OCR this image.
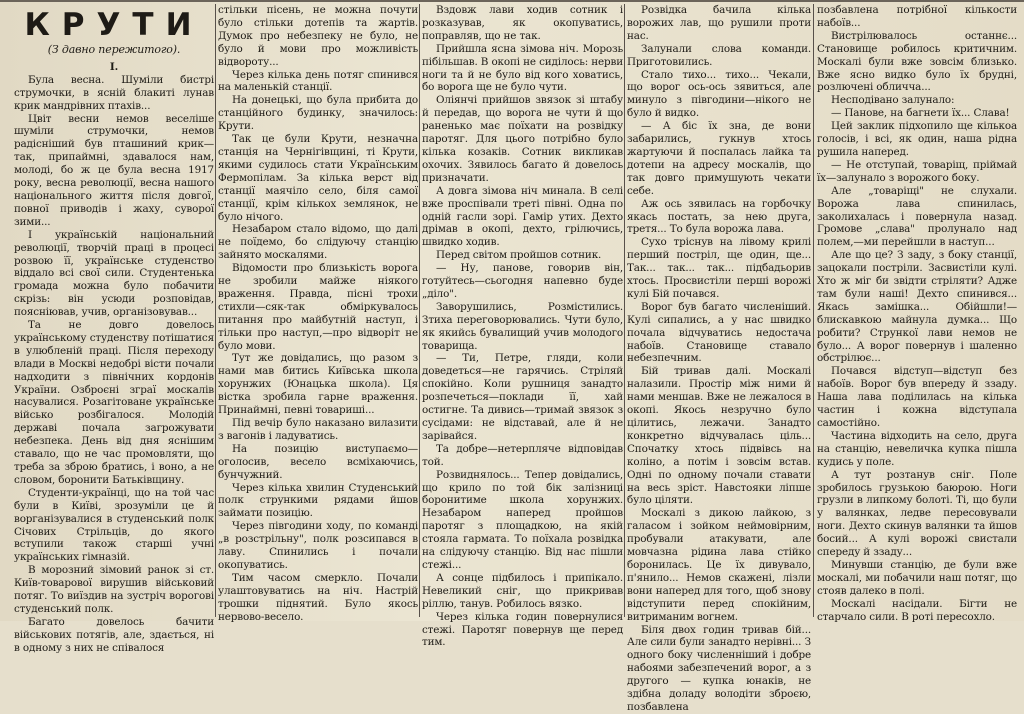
КРУТИ
(З давно пережитого).
I.

Була весна. Шуміли бистрі струмочки, в ясній блакиті лунав крик мандрівних птахів...

Цвіт весни немов веселіше шуміли струмочки, немов радісніший був пташиний крик—так, припаймні, здавалося нам, молоді, бо ж це була весна 1917 року, весна революції, весна нашого національного життя після довгої, повної приводів і жаху, суворої зими...

І українській національний революції, творчій праці в процесі розвою її, українське студенство віддало всі свої сили. Студентенька громада можна було побачити скрізь: він усюди розповідав, поясніював, учив, організовував...

Та не довго довелось українському студенству потішатися в улюбленій праці. Після переходу влади в Москві недобрі вісти почали надходити з північних кордонів України. Озброєні зграї москалів насувалися. Розагітоване українське військо розбігалося. Молодій державі почала загрожувати небезпека. День від дня яснішим ставало, що не час промовляти, що треба за зброю братись, і воно, а не словом, боронити Батьківщину.

Студенти-українці, що на той час були в Київі, зрозуміли це й ворганізувалися в студенський полк Січових Стрільців, до якого вступили також старші учні українських гімназій.

В морозний зімовий ранок зі ст. Київ-товарової вирушив військовий потяг. То виїздив на зустріч ворогові студенський полк.

Багато довелось бачити військових потягів, але, здається, ні в одному з них не співалося

стільки пісень, не можна почути було стільки дотепів та жартів. Думок про небезпеку не було, не було й мови про можливість відвороту...

Через кілька день потяг спинився на маленькій станції.

На донецькі, що була прибита до станційного будинку, значилось: Крути.

Так це були Крути, незначна станція на Чернігівщині, ті Крути, якими судилось стати Українським Фермопілам. За кілька верст від станції маячіло село, біля самої станції, крім кількох землянок, не було нічого.

Незабаром стало відомо, що далі не поїдемо, бо слідуючу станцію зайнято москалями.

Відомости про близькість ворога не зробили майже ніякого враження. Правда, пісні трохи стихли—сяк-так обміркувалось питання про майбутній наступ, і тільки про наступ,—про відворіт не було мови.

Тут же довідались, що разом з нами мав битись Київська школа хорунжих (Юнацька школа). Ця вістка зробила гарне враження. Принаймні, певні товариші...

Під вечір було наказано вилазити з вагонів і ладуватись.

На позицію виступаємо—оголосив, весело всміхаючись, бунчужний.

Через кілька хвилин Студенський полк стрункими рядами йшов займати позицію.

Через півгодини ходу, по команді „в розстрільну", полк розсипався в лаву. Спинились і почали окопуватись.

Тим часом смеркло. Почали улаштовуватись на ніч. Настрій трошки піднятий. Було якось нервово-весело.

Вздовж лави ходив сотник і розказував, як окопуватись, поправляв, що не так.

Прийшла ясна зімова ніч. Морозь пібільшав. В окопі не сиділось: нерви ноги та й не було від кого ховатись, бо ворога ще не було чути.

Оліянчі прийшов звязок зі штабу й передав, що ворога не чути й що раненько має поїхати на розвідку паротяг. Для цього потрібно було кілька козаків. Сотник викликав охочих. Зявилось багато й довелось призначати.

А довга зімова ніч минала. В селі вже проспівали треті півні. Одна по одній гасли зорі. Гамір утих. Дехто дрімав в окопі, дехто, грілючись, швидко ходив.

Перед світом пройшов сотник.

— Ну, панове, говорив він, готуйтесь—сьогодня напевно буде „діло".

Заворушились, Розмістились. Зтиха переговорювались. Чути було, як якийсь бувалищий учив молодого товарища.

— Ти, Петре, гляди, коли доведеться—не гарячись. Стріляй спокійно. Коли рушниця занадто розпечеться—поклади її, хай остигне. Та дивись—тримай звязок з сусідами: не відставай, але й не зарівайся.

Та добре—нетерпляче відповідав той.

Розвиднялось... Тепер довідались, що крило по той бік залізниці боронитиме школа хорунжих. Незабаром наперед пройшов паротяг з площадкою, на якій стояла гармата. То поїхала розвідка на слідуючу станцію. Від нас пішли стежі...

А сонце підбилось і припікало. Невеликий сніг, що прикривав ріллю, танув. Робилось вязко.

Через кілька годин повернулися стежі. Паротяг повернув ще перед тим.

Розвідка бачила кілька ворожих лав, що рушили проти нас.

Залунали слова команди. Приготовились.

Стало тихо... тихо... Чекали, що ворог ось-ось зявиться, але минуло з півгодини—нікого не було й видко.

— А біс їх зна, де вони забарились, гукнув хтось жартуючи й поспалась лайка та дотепи на адресу москалів, що так довго примушують чекати себе.

Аж ось зявилась на горбочку якась постать, за нею друга, третя... То була ворожа лава.

Сухо тріснув на лівому крилі перший постріл, ще один, ще... Так... так... так... підбадьорив хтось. Просвистіли перші ворожі кулі Бій почався.

Ворог був багато численіший. Кулі сипались, а у нас швидко почала відчуватись недостача набоїв. Становище ставало небезпечним.

Бій тривав далі. Москалі налазили. Простір між ними й нами меншав. Вже не лежалося в окопі. Якось незручно було цілитись, лежачи. Занадто конкретно відчувалась ціль... Спочатку хтось підвівсь на коліно, а потім і зовсім встав. Одні по одному почали ставати на весь зріст. Навстояки ліпше було ціляти.

Москалі з дикою лайкою, з галасом і зойком неймовірним, пробували атакувати, але мовчазна рідина лава стійко боронилась. Це їх дивувало, п'янило... Немов скажені, лізли вони наперед для того, щоб знову відступити перед спокійним, витриманим вогнем.

Біля двох годин тривав бій... Але сили були занадто нерівні... З одного боку численніший і добре набоями забезпечений ворог, а з другого — купка юнаків, не здібна доладу володіти зброєю, позбавлена

позбавлена потрібної кількости набоїв...

Вистрілювалось останнє... Становище робилось критичним. Москалі були вже зовсім близько. Вже ясно видко було їх брудні, розлючені обличча...

Несподівано залунало:

— Панове, на багнети їх... Слава!

Цей заклик підхопило ще кількоа голосів, і всі, як один, наша рідна рушила наперед.

— Не отступай, товаріщ, пріймай їх—залунало з ворожого боку.

Але „товаріщі" не слухали. Ворожа лава спинилась, заколихалась і повернула назад. Громове „слава" пролунало над полем,—ми перейшли в наступ...

Але що це? З заду, з боку станції, зацокали постріли. Засвистіли кулі. Хто ж міг би звідти стріляти? Адже там були наші! Дехто спинився... Якась замішка... Обійшли!—блискавкою майнула думка... Що робити? Стрункої лави немов не було... А ворог повернув і шаленно обстрілює...

Почався відступ—відступ без набоїв. Ворог був впереду й ззаду. Наша лава поділилась на кілька частин і кожна відступала самостійно.

Частина відходить на село, друга на станцію, невеличка купка пішла кудись у поле.

А тут розтанув сніг. Поле зробилось грузькою баюрою. Ноги грузли в липкому болоті. Ті, що були у валянках, ледве пересовували ноги. Дехто скинув валянки та йшов босий... А кулі ворожі свистали спереду й ззаду...

Минувши станцію, де були вже москалі, ми побачили наш потяг, що стояв далеко в полі.

Москалі насідали. Бігти не старчало сили. В роті пересохло.
